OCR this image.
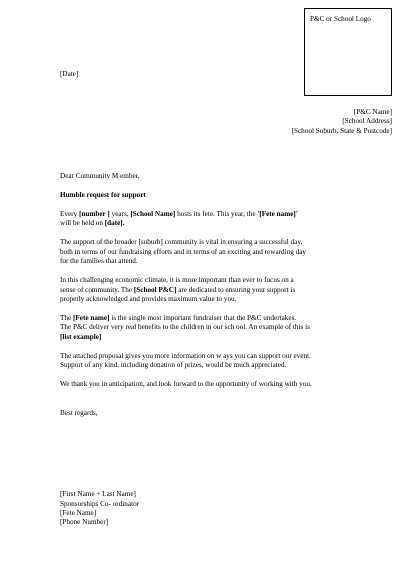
P&C or School Logo
[Date]
[P&C Name]
[School Address]
[School Suburb, State & Postcode]

Dear Community M ember,

Humble request for support

Every [number ] years, [School Name] hosts its fete. This year, the '[Fete name]'

will be held on [date].

The support of the broader [suburb] community is vital in ensuring a successful day,

both in terms of our fundraising efforts and in terms of an exciting and rewarding day

for the families that attend.

In this challenging economic climate, it is more important than ever to focus on a

sense of community. The [School P&C] are dedicated to ensuring your support is

properly acknowledged and provides maximum value to you.

The [Fete name] is the single most important fundraiser that the P&C undertakes.

The P&C deliver very real benefits to the children in our sch ool. An example of this is

[list example]

The attached proposal gives you more information on w ays you can support our event.

Support of any kind, including donation of prizes, would be much appreciated.

We thank you in anticipation, and look forward to the opportunity of working with you.

Best regards,

[First Name + Last Name]

Sponsorships Co- ordinator

[Fete Name]

[Phone Number]
